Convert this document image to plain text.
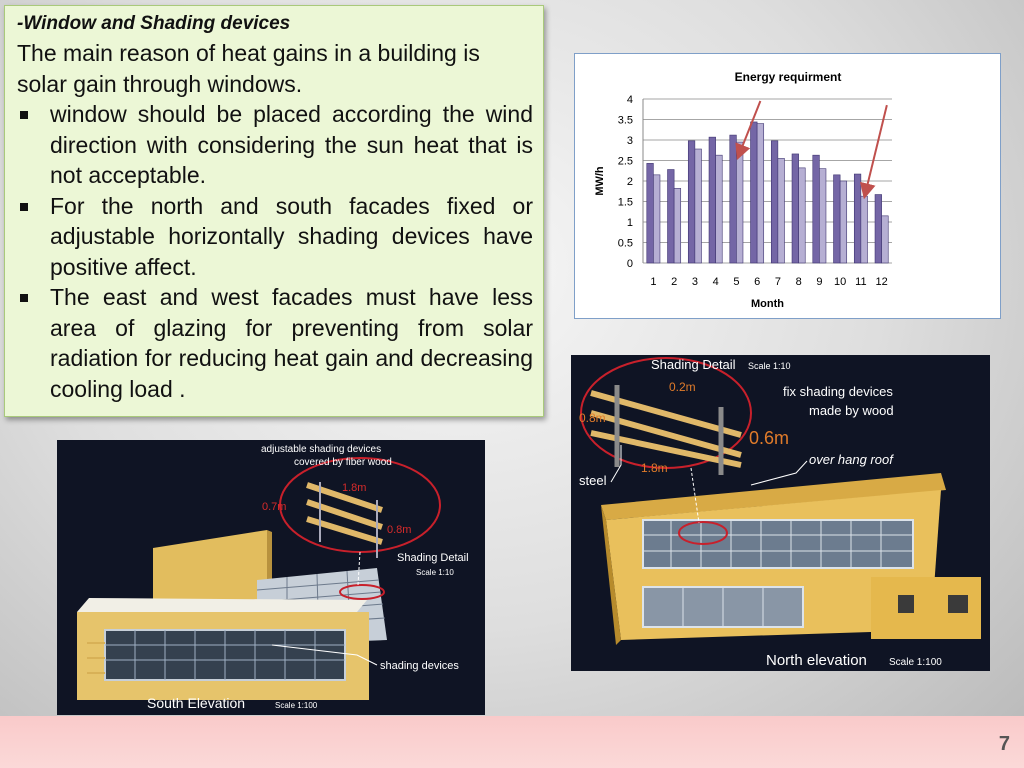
-Window and Shading devices

The main reason of heat gains in a building is solar gain through windows.

window should be placed according the wind direction with considering the sun heat that is not acceptable.
For the north and south facades fixed or adjustable horizontally shading devices have positive affect.
The east and west facades must have less area of glazing for preventing from solar radiation for reducing heat gain and decreasing cooling load .
Energy requirment
0
0.5
1
1.5
2
2.5
3
3.5
4
MW/h
1 2 3 4 5 6 7 8 9 10 11 12
Month
adjustable shading devices
covered by fiber wood
1.8m
0.7m
0.8m
Shading Detail
Scale 1:10
shading devices
South Elevation	Scale 1:100
Shading Detail Scale 1:10
0.2m
0.8m
0.6m
1.8m
fix shading devices
made by wood
steel
over hang roof
North elevation Scale 1:100
7
